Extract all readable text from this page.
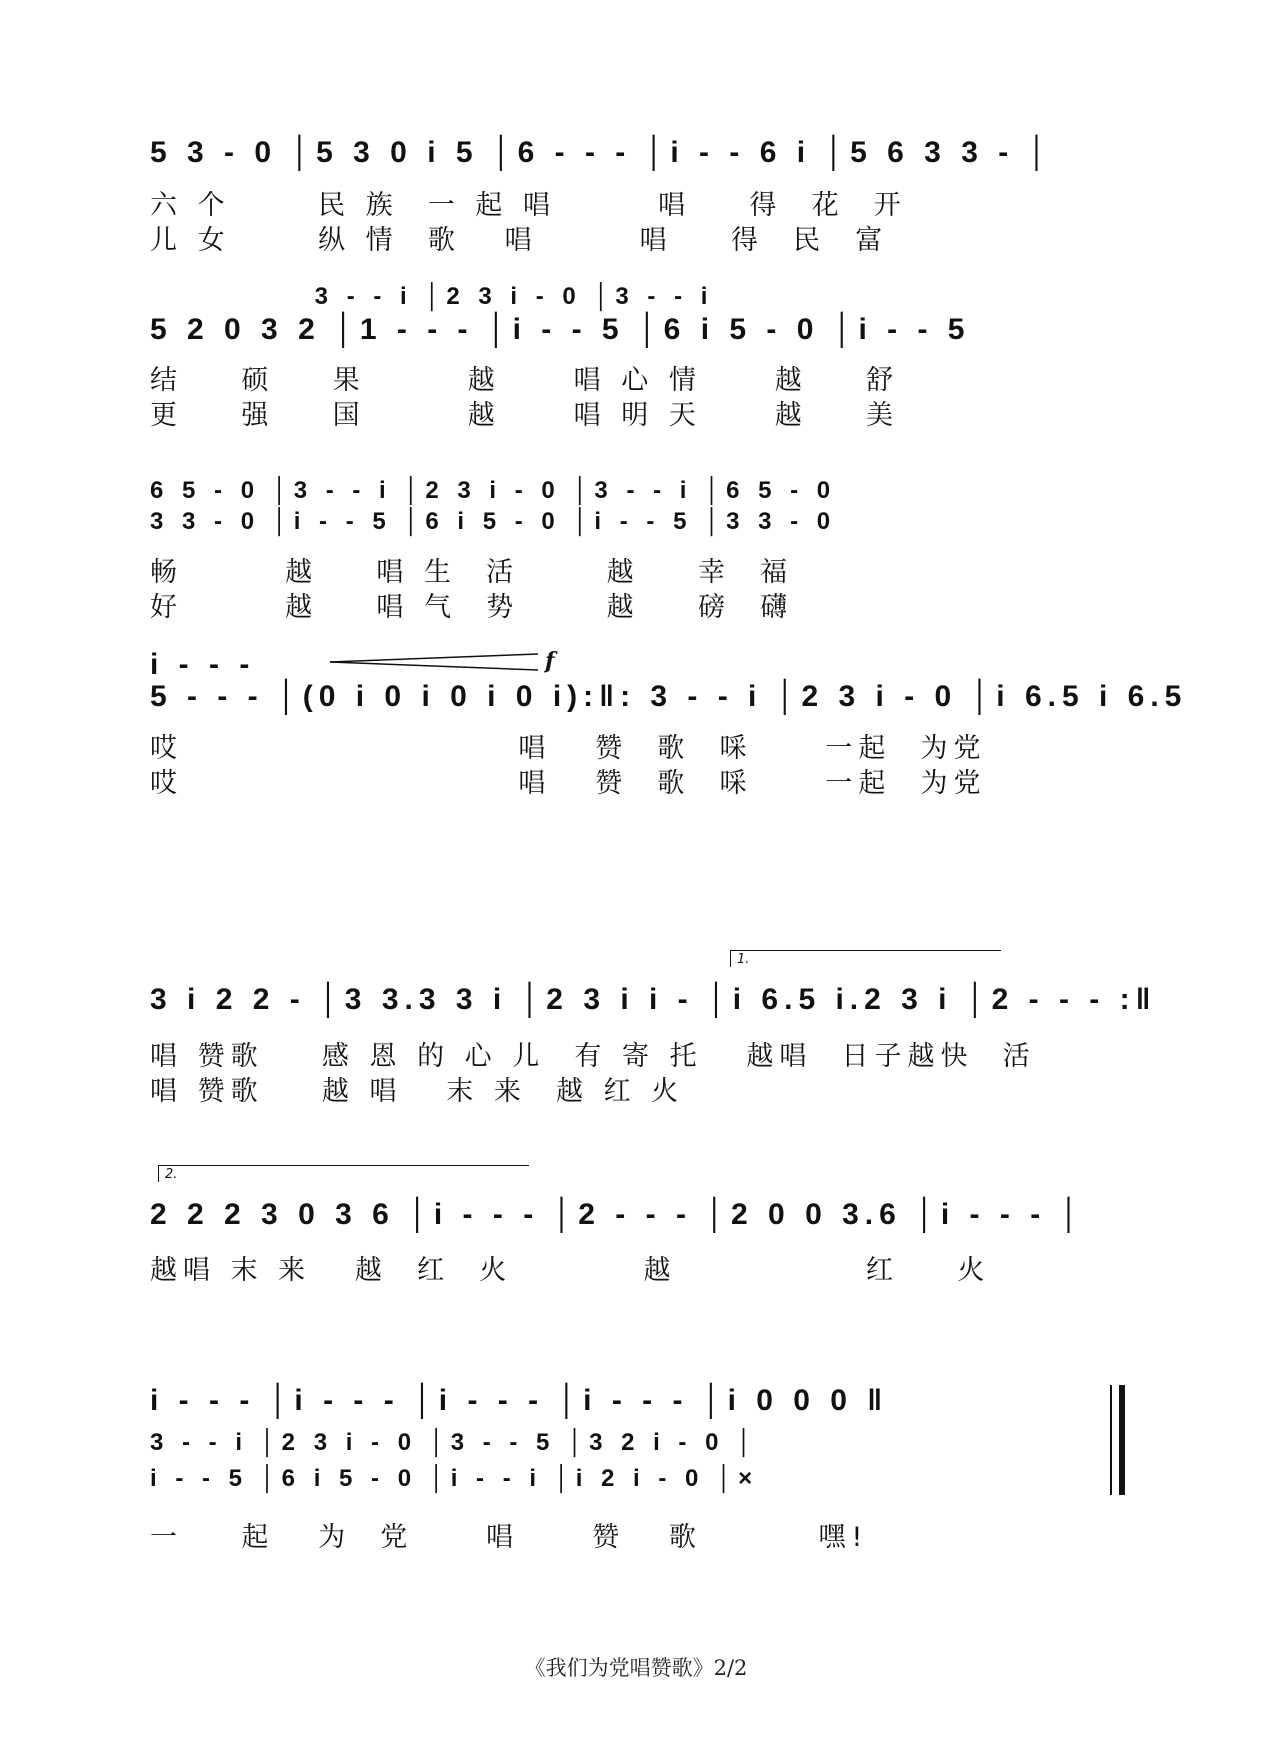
5 3 - 0 │5 3 0 i 5 │6 - - - │i - - 6 i │5 6 3 3 - │
六 个      民 族  一 起 唱       唱    得  花  开
儿 女      纵 情  歌   唱       唱    得  民  富
3 - - i │2 3 i - 0 │3 - - i
5 2 0 3 2 │1 - - - │i - - 5 │6 i 5 - 0 │i - - 5
结    硕    果       越     唱 心 情     越    舒
更    强    国       越     唱 明 天     越    美
6 5 - 0 │3 - - i │2 3 i - 0 │3 - - i │6 5 - 0
3 3 - 0 │i - - 5 │6 i 5 - 0 │i - - 5 │3 3 - 0
畅       越    唱 生  活      越    幸  福
好       越    唱 气  势      越    磅  礴
f
i - - -
5 - - - │(0 i 0 i 0 i 0 i):‖: 3 - - i │2 3 i - 0 │i 6.5 i 6.5
哎                       唱   赞  歌  啋     一起  为党
哎                       唱   赞  歌  啋     一起  为党
1.
3 i 2 2 - │3 3.3 3 i │2 3 i i - │i 6.5 i.2 3 i │2 - - - :‖
唱 赞歌    感 恩 的 心 儿  有 寄 托   越唱  日子越快  活
唱 赞歌    越 唱   末 来  越 红 火
2.
2 2 2 3 0 3 6 │i - - - │2 - - - │2 0 0 3.6 │i - - - │
越唱 末 来   越  红  火         越             红    火
i - - - │i - - - │i - - - │i - - - │i 0 0 0 ‖
3 - - i │2 3 i - 0 │3 - - 5 │3 2 i - 0 │
i - - 5 │6 i 5 - 0 │i - - i │i 2 i - 0 │×
一    起   为  党     唱     赞   歌        嘿!
《我们为党唱赞歌》2/2
